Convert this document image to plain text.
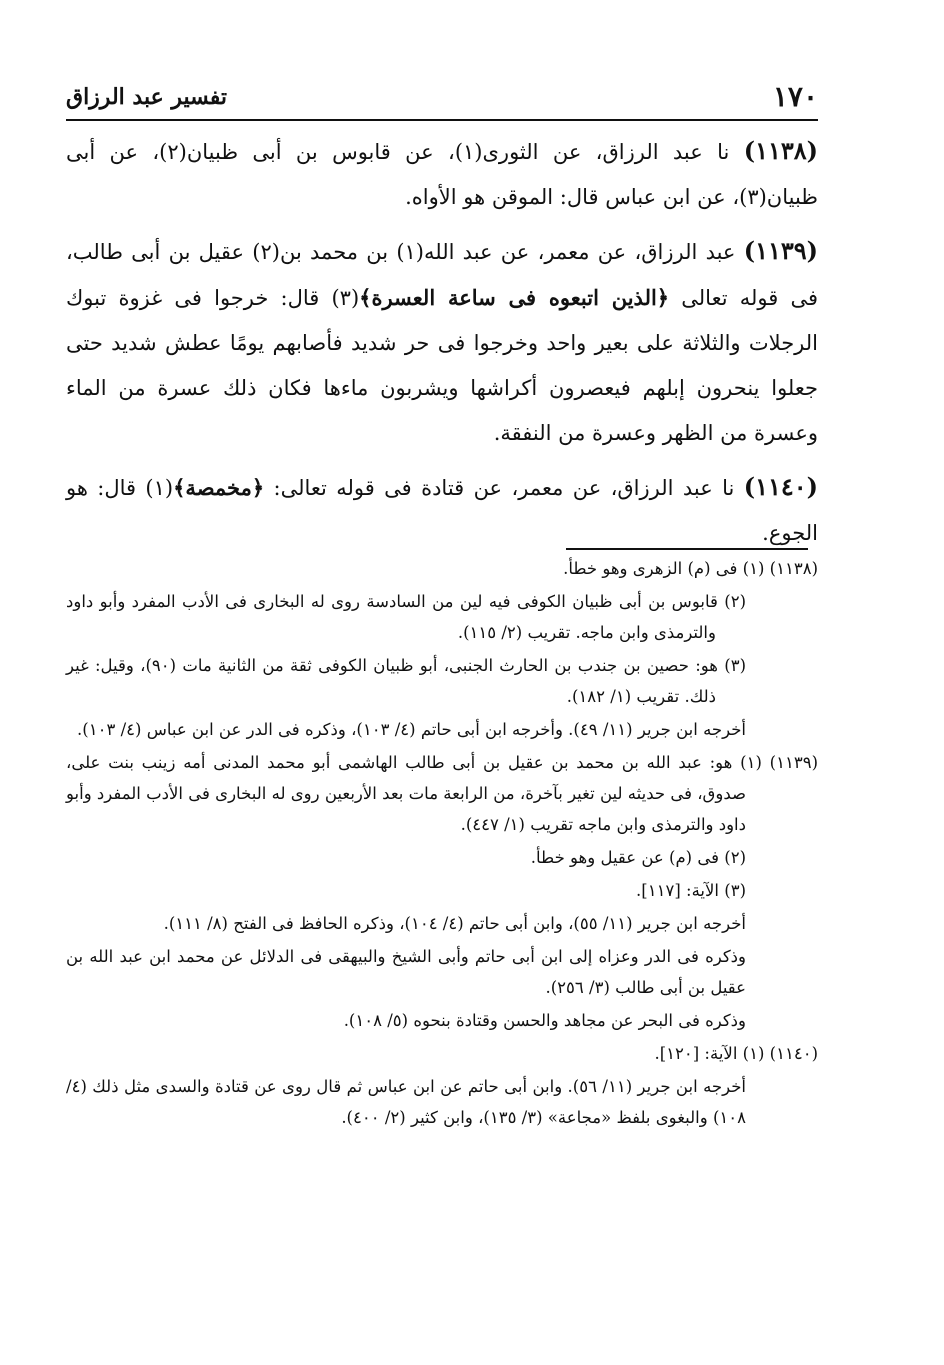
تفسير عبد الرزاق	١٧٠

(١١٣٨) نا عبد الرزاق، عن الثورى(١)، عن قابوس بن أبى ظبيان(٢)، عن أبى ظبيان(٣)، عن ابن عباس قال: الموقن هو الأواه.

(١١٣٩) عبد الرزاق، عن معمر، عن عبد الله(١) بن محمد بن(٢) عقيل بن أبى طالب، فى قوله تعالى ﴿الذين اتبعوه فى ساعة العسرة﴾(٣) قال: خرجوا فى غزوة تبوك الرجلات والثلاثة على بعير واحد وخرجوا فى حر شديد فأصابهم يومًا عطش شديد حتى جعلوا ينحرون إبلهم فيعصرون أكراشها ويشربون ماءها فكان ذلك عسرة من الماء وعسرة من الظهر وعسرة من النفقة.

(١١٤٠) نا عبد الرزاق، عن معمر، عن قتادة فى قوله تعالى: ﴿مخمصة﴾(١) قال: هو الجوع.

(١١٣٨) (١) فى (م) الزهرى وهو خطأ.
(٢) قابوس بن أبى ظبيان الكوفى فيه لين من السادسة روى له البخارى فى الأدب المفرد وأبو داود والترمذى وابن ماجه. تقريب (٢/ ١١٥).
(٣) هو: حصين بن جندب بن الحارث الجنبى، أبو ظبيان الكوفى ثقة من الثانية مات (٩٠)، وقيل: غير ذلك. تقريب (١/ ١٨٢).
أخرجه ابن جرير (١١/ ٤٩). وأخرجه ابن أبى حاتم (٤/ ١٠٣)، وذكره فى الدر عن ابن عباس (٤/ ١٠٣).
(١١٣٩) (١) هو: عبد الله بن محمد بن عقيل بن أبى طالب الهاشمى أبو محمد المدنى أمه زينب بنت على، صدوق، فى حديثه لين تغير بآخرة، من الرابعة مات بعد الأربعين روى له البخارى فى الأدب المفرد وأبو داود والترمذى وابن ماجه تقريب (١/ ٤٤٧).
(٢) فى (م) عن عقيل وهو خطأ.
(٣) الآية: [١١٧].
أخرجه ابن جرير (١١/ ٥٥)، وابن أبى حاتم (٤/ ١٠٤)، وذكره الحافظ فى الفتح (٨/ ١١١).
وذكره فى الدر وعزاه إلى ابن أبى حاتم وأبى الشيخ والبيهقى فى الدلائل عن محمد ابن عبد الله بن عقيل بن أبى طالب (٣/ ٢٥٦).
وذكره فى البحر عن مجاهد والحسن وقتادة بنحوه (٥/ ١٠٨).
(١١٤٠) (١) الآية: [١٢٠].
أخرجه ابن جرير (١١/ ٥٦). وابن أبى حاتم عن ابن عباس ثم قال روى عن قتادة والسدى مثل ذلك (٤/ ١٠٨) والبغوى بلفظ «مجاعة» (٣/ ١٣٥)، وابن كثير (٢/ ٤٠٠).
